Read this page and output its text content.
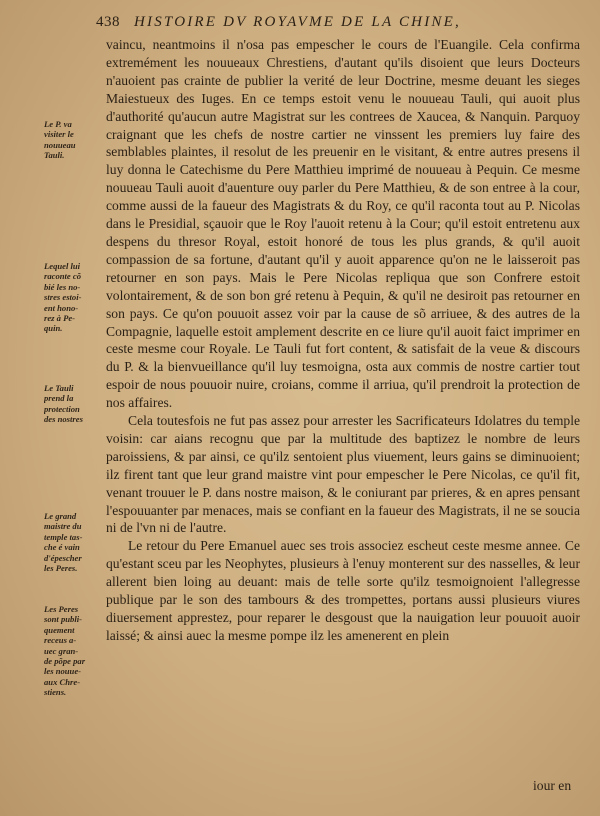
438 HISTOIRE DV ROYAVME DE LA CHINE,
Le P. va
visiter le
nouueau
Tauli.
Lequel lui
raconte cõ
bié les no-
stres estoi-
ent hono-
rez à Pe-
quin.
Le Tauli
prend la
protection
des nostres
Le grand
maistre du
temple tas-
che é vain
d'épescher
les Peres.
Les Peres
sont publi-
quement
receus a-
uec gran-
de põpe par
les nouue-
aux Chre-
stiens.

vaincu, neantmoins il n'osa pas empescher le cours de l'Euangile. Cela confirma extremément les nouueaux Chrestiens, d'autant qu'ils disoient que leurs Docteurs n'auoient pas crainte de publier la verité de leur Doctrine, mesme deuant les sieges Maiestueux des Iuges. En ce temps estoit venu le nouueau Tauli, qui auoit plus d'authorité qu'aucun autre Magistrat sur les contrees de Xaucea, & Nanquin. Parquoy craignant que les chefs de nostre cartier ne vinssent les premiers luy faire des semblables plaintes, il resolut de les preuenir en le visitant, & entre autres presens il luy donna le Catechisme du Pere Matthieu imprimé de nouueau à Pequin. Ce mesme nouueau Tauli auoit d'auenture ouy parler du Pere Matthieu, & de son entree à la cour, comme aussi de la faueur des Magistrats & du Roy, ce qu'il raconta tout au P. Nicolas dans le Presidial, sçauoir que le Roy l'auoit retenu à la Cour; qu'il estoit entretenu aux despens du thresor Royal, estoit honoré de tous les plus grands, & qu'il auoit compassion de sa fortune, d'autant qu'il y auoit apparence qu'on ne le laisseroit pas retourner en son pays. Mais le Pere Nicolas repliqua que son Confrere estoit volontairement, & de son bon gré retenu à Pequin, & qu'il ne desiroit pas retourner en son pays. Ce qu'on pouuoit assez voir par la cause de sõ arriuee, & des autres de la Compagnie, laquelle estoit amplement descrite en ce liure qu'il auoit faict imprimer en ceste mesme cour Royale. Le Tauli fut fort content, & satisfait de la veue & discours du P. & la bienvueillance qu'il luy tesmoigna, osta aux commis de nostre cartier tout espoir de nous pouuoir nuire, croians, comme il arriua, qu'il prendroit la protection de nos affaires.

Cela toutesfois ne fut pas assez pour arrester les Sacrificateurs Idolatres du temple voisin: car aians recognu que par la multitude des baptizez le nombre de leurs paroissiens, & par ainsi, ce qu'ilz sentoient plus viuement, leurs gains se diminuoient; ilz firent tant que leur grand maistre vint pour empescher le Pere Nicolas, ce qu'il fit, venant trouuer le P. dans nostre maison, & le coniurant par prieres, & en apres pensant l'espouuanter par menaces, mais se confiant en la faueur des Magistrats, il ne se soucia ni de l'vn ni de l'autre.

Le retour du Pere Emanuel auec ses trois associez escheut ceste mesme annee. Ce qu'estant sceu par les Neophytes, plusieurs à l'enuy monterent sur des nasselles, & leur allerent bien loing au deuant: mais de telle sorte qu'ilz tesmoignoient l'allegresse publique par le son des tambours & des trompettes, portans aussi plusieurs viures diuersement apprestez, pour reparer le desgoust que la nauigation leur pouuoit auoir laissé; & ainsi auec la mesme pompe ilz les amenerent en plein

iour en
